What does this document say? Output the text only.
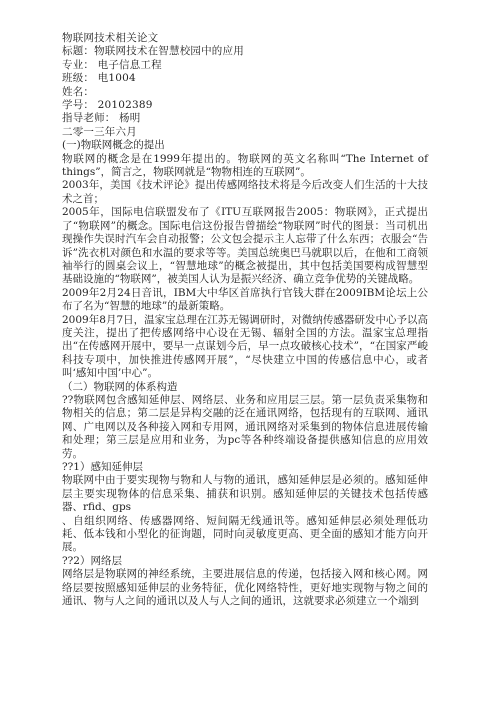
物联网技术相关论文

标题：物联网技术在智慧校园中的应用

专业： 电子信息工程

班级： 电1004

姓名：

学号： 20102389

指导老师： 杨明

二零一三年六月

(一)物联网概念的提出

物联网的概念是在1999年提出的。物联网的英文名称叫“The Internet of things”，简言之，物联网就是“物物相连的互联网”。

2003年，美国《技术评论》提出传感网络技术将是今后改变人们生活的十大技术之首；

2005年，国际电信联盟发布了《ITU互联网报告2005：物联网》，正式提出了“物联网”的概念。国际电信这份报告曾描绘“物联网”时代的图景：当司机出现操作失误时汽车会自动报警；公文包会提示主人忘带了什么东西；衣服会“告诉”洗衣机对颜色和水温的要求等等。美国总统奥巴马就职以后，在他和工商领袖举行的圆桌会议上，“智慧地球”的概念被提出，其中包括美国要构成智慧型基础设施的“物联网”，被美国人认为是振兴经济、确立竞争优势的关键战略。

2009年2月24日音讯，IBM大中华区首席执行官钱大群在2009IBM论坛上公布了名为“智慧的地球”的最新策略。

2009年8月7日，温家宝总理在江苏无锡调研时，对微纳传感器研发中心予以高度关注，提出了把传感网络中心设在无锡、辐射全国的方法。温家宝总理指出“在传感网开展中，要早一点谋划今后，早一点攻破核心技术”，“在国家严峻科技专项中，加快推进传感网开展”，“尽快建立中国的传感信息中心，或者叫‘感知中国’中心”。

（二）物联网的体系构造

??物联网包含感知延伸层、网络层、业务和应用层三层。第一层负责采集物和物相关的信息；第二层是异构交融的泛在通讯网络，包括现有的互联网、通讯网、广电网以及各种接入网和专用网，通讯网络对采集到的物体信息进展传输和处理；第三层是应用和业务，为pc等各种终端设备提供感知信息的应用效劳。

??1）感知延伸层

物联网中由于要实现物与物和人与物的通讯，感知延伸层是必须的。感知延伸层主要实现物体的信息采集、捕获和识别。感知延伸层的关键技术包括传感器、rfid、gps

、自组织网络、传感器网络、短间隔无线通讯等。感知延伸层必须处理低功耗、低本钱和小型化的征询题，同时向灵敏度更高、更全面的感知才能方向开展。

??2）网络层

网络层是物联网的神经系统，主要进展信息的传递，包括接入网和核心网。网络层要按照感知延伸层的业务特征，优化网络特性，更好地实现物与物之间的通讯、物与人之间的通讯以及人与人之间的通讯，这就要求必须建立一个端到
